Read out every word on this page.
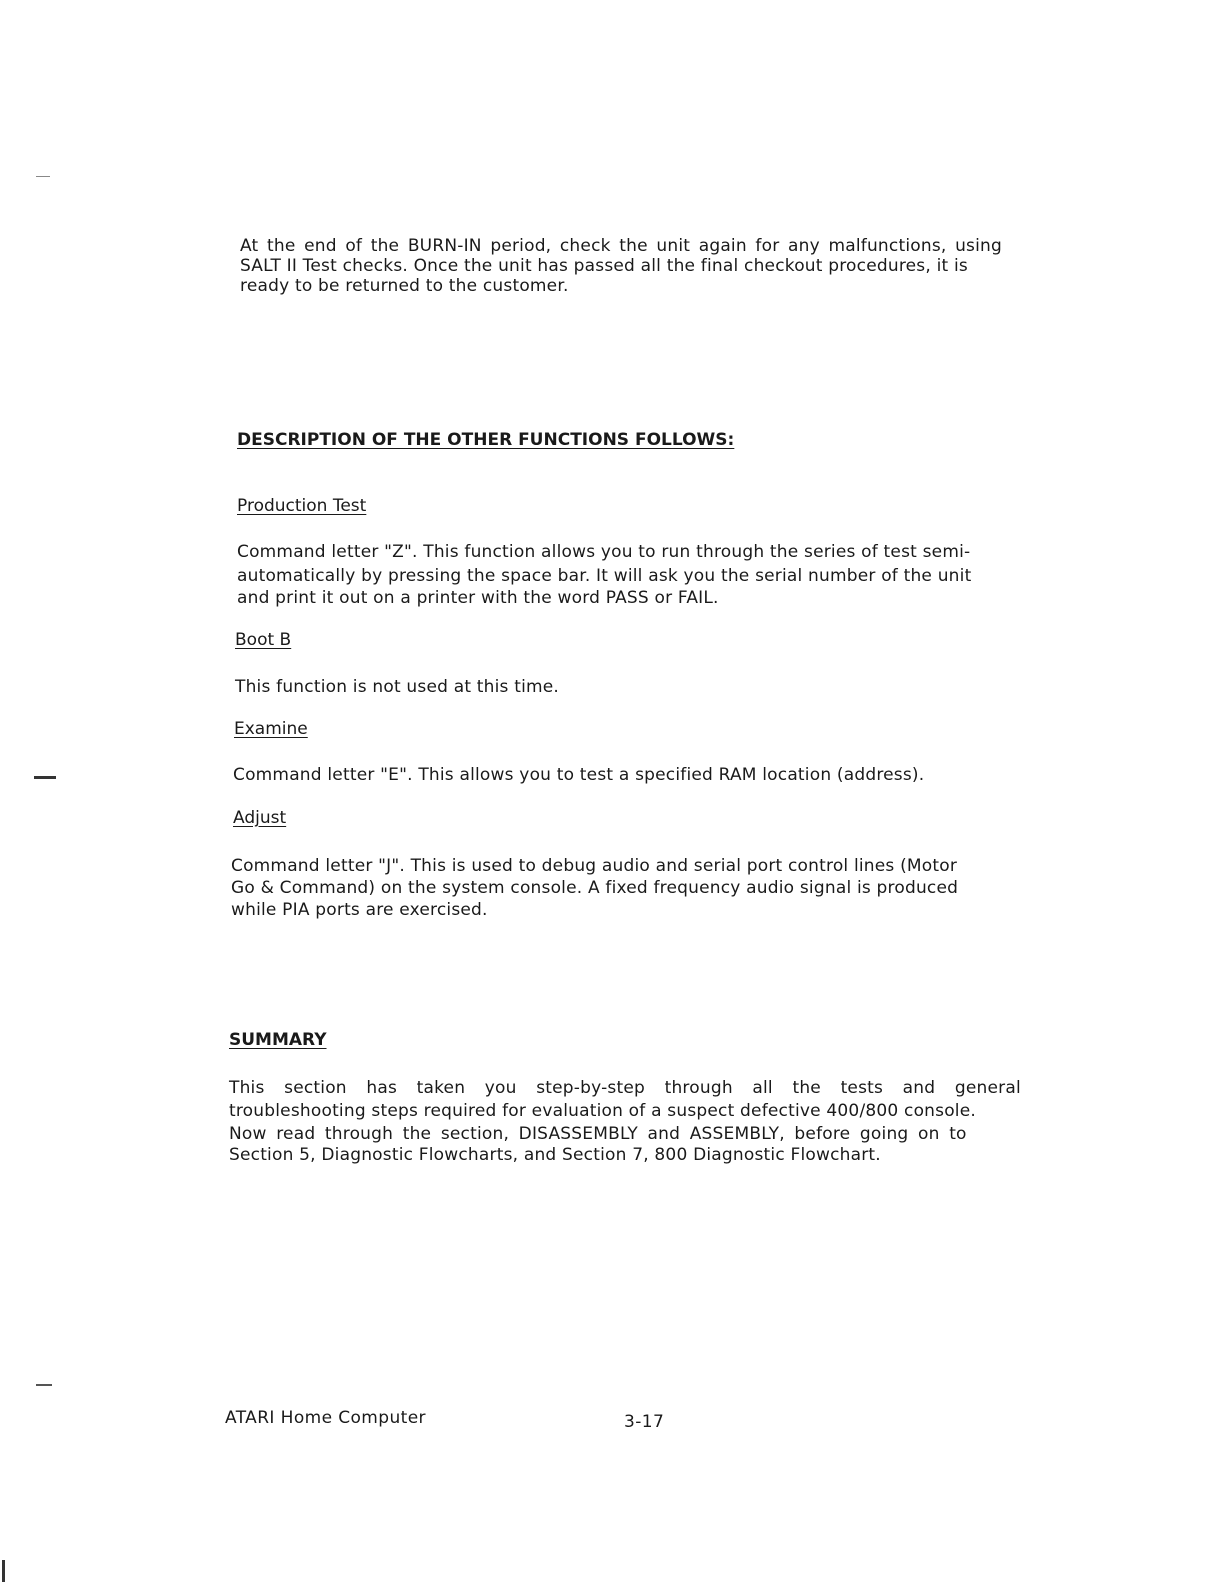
At the end of the BURN-IN period, check the unit again for any malfunctions, using
SALT II Test checks. Once the unit has passed all the final checkout procedures, it is
ready to be returned to the customer.
DESCRIPTION OF THE OTHER FUNCTIONS FOLLOWS:
Production Test
Command letter "Z". This function allows you to run through the series of test semi-
automatically by pressing the space bar. It will ask you the serial number of the unit
and print it out on a printer with the word PASS or FAIL.
Boot B
This function is not used at this time.
Examine
Command letter "E". This allows you to test a specified RAM location (address).
Adjust
Command letter "J". This is used to debug audio and serial port control lines (Motor
Go & Command) on the system console. A fixed frequency audio signal is produced
while PIA ports are exercised.
SUMMARY
This section has taken you step-by-step through all the tests and general
troubleshooting steps required for evaluation of a suspect defective 400/800 console.
Now read through the section, DISASSEMBLY and ASSEMBLY, before going on to
Section 5, Diagnostic Flowcharts, and Section 7, 800 Diagnostic Flowchart.
ATARI Home Computer	3-17
